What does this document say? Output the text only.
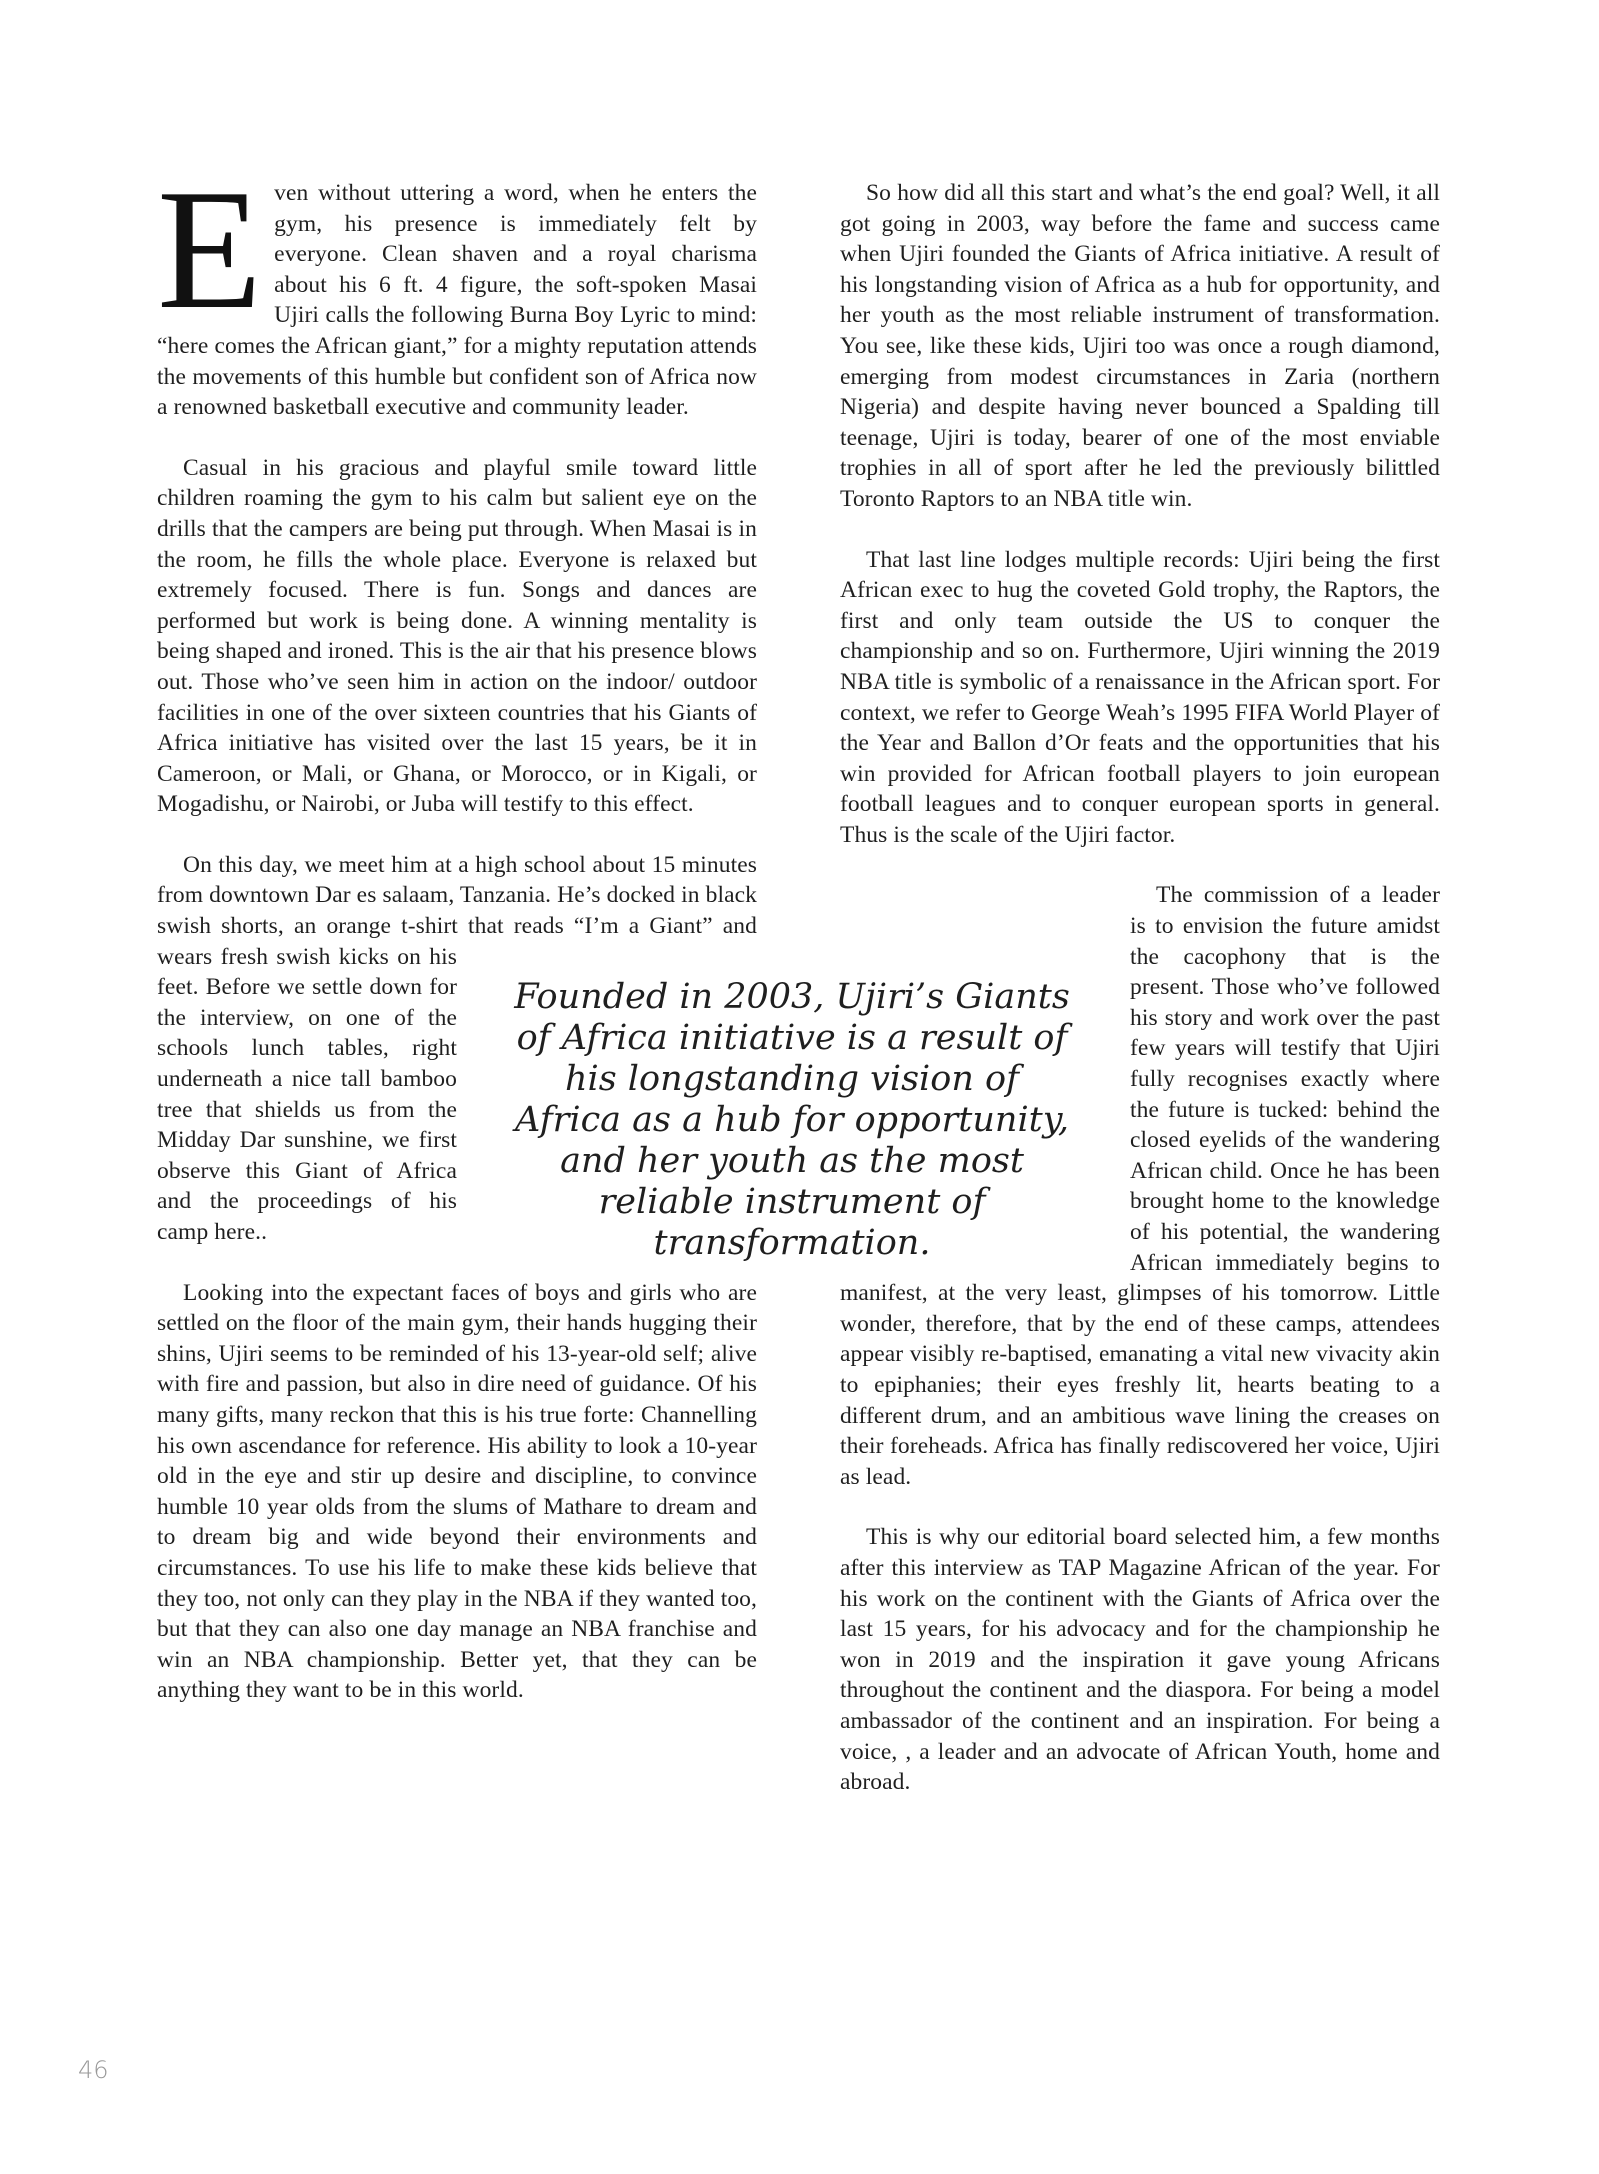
E ven without uttering a word, when he enters the gym, his presence is immediately felt by everyone. Clean shaven and a royal charisma about his 6 ft. 4 figure, the soft-spoken Masai Ujiri calls the following Burna Boy Lyric to mind: “here comes the African giant,” for a mighty reputation attends the movements of this humble but confident son of Africa now a renowned basketball executive and community leader.

Casual in his gracious and playful smile toward little children roaming the gym to his calm but salient eye on the drills that the campers are being put through. When Masai is in the room, he fills the whole place. Everyone is relaxed but extremely focused. There is fun. Songs and dances are performed but work is being done. A winning mentality is being shaped and ironed. This is the air that his presence blows out. Those who’ve seen him in action on the indoor/ outdoor facilities in one of the over sixteen countries that his Giants of Africa initiative has visited over the last 15 years, be it in Cameroon, or Mali, or Ghana, or Morocco, or in Kigali, or Mogadishu, or Nairobi, or Juba will testify to this effect.

On this day, we meet him at a high school about 15 minutes from downtown Dar es salaam, Tanzania. He’s docked in black swish shorts, an orange t-shirt that reads “I’m a Giant” and wears fresh swish kicks on his feet. Before we settle down for the interview, on one of the schools lunch tables, right underneath a nice tall bamboo tree that shields us from the Midday Dar sunshine, we first observe this Giant of Africa and the proceedings of his camp here..

Looking into the expectant faces of boys and girls who are settled on the floor of the main gym, their hands hugging their shins, Ujiri seems to be reminded of his 13-year-old self; alive with fire and passion, but also in dire need of guidance. Of his many gifts, many reckon that this is his true forte: Channelling his own ascendance for reference. His ability to look a 10-year old in the eye and stir up desire and discipline, to convince humble 10 year olds from the slums of Mathare to dream and to dream big and wide beyond their environments and circumstances. To use his life to make these kids believe that they too, not only can they play in the NBA if they wanted too, but that they can also one day manage an NBA franchise and win an NBA championship. Better yet, that they can be anything they want to be in this world.

So how did all this start and what’s the end goal? Well, it all got going in 2003, way before the fame and success came when Ujiri founded the Giants of Africa initiative. A result of his longstanding vision of Africa as a hub for opportunity, and her youth as the most reliable instrument of transformation. You see, like these kids, Ujiri too was once a rough diamond, emerging from modest circumstances in Zaria (northern Nigeria) and despite having never bounced a Spalding till teenage, Ujiri is today, bearer of one of the most enviable trophies in all of sport after he led the previously bilittled Toronto Raptors to an NBA title win.

That last line lodges multiple records: Ujiri being the first African exec to hug the coveted Gold trophy, the Raptors, the first and only team outside the US to conquer the championship and so on. Furthermore, Ujiri winning the 2019 NBA title is symbolic of a renaissance in the African sport. For context, we refer to George Weah’s 1995 FIFA World Player of the Year and Ballon d’Or feats and the opportunities that his win provided for African football players to join european football leagues and to conquer european sports in general. Thus is the scale of the Ujiri factor.

The commission of a leader is to envision the future amidst the cacophony that is the present. Those who’ve followed his story and work over the past few years will testify that Ujiri fully recognises exactly where the future is tucked: behind the closed eyelids of the wandering African child. Once he has been brought home to the knowledge of his potential, the wandering African immediately begins to manifest, at the very least, glimpses of his tomorrow. Little wonder, therefore, that by the end of these camps, attendees appear visibly re-baptised, emanating a vital new vivacity akin to epiphanies; their eyes freshly lit, hearts beating to a different drum, and an ambitious wave lining the creases on their foreheads. Africa has finally rediscovered her voice, Ujiri as lead.

This is why our editorial board selected him, a few months after this interview as TAP Magazine African of the year. For his work on the continent with the Giants of Africa over the last 15 years, for his advocacy and for the championship he won in 2019 and the inspiration it gave young Africans throughout the continent and the diaspora. For being a model ambassador of the continent and an inspiration. For being a voice, , a leader and an advocate of African Youth, home and abroad.

Founded in 2003, Ujiri’s Giants of Africa initiative is a result of his longstanding vision of Africa as a hub for opportunity, and her youth as the most reliable instrument of transformation.
46
